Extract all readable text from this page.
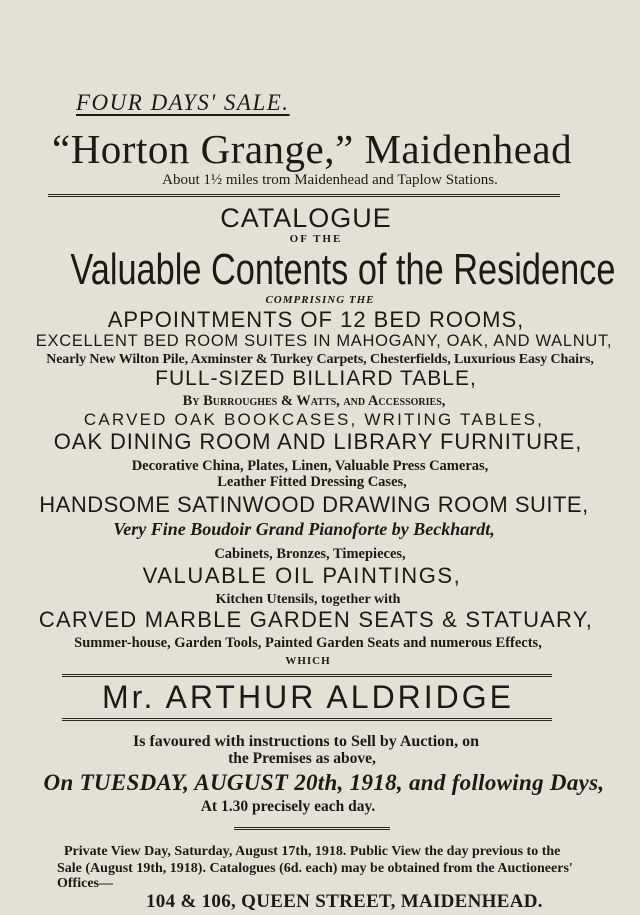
FOUR DAYS' SALE.
“Horton Grange,” Maidenhead
About 1½ miles trom Maidenhead and Taplow Stations.
CATALOGUE
OF THE
Valuable Contents of the Residence
COMPRISING THE
APPOINTMENTS OF 12 BED ROOMS,
EXCELLENT BED ROOM SUITES IN MAHOGANY, OAK, AND WALNUT,
Nearly New Wilton Pile, Axminster & Turkey Carpets, Chesterfields, Luxurious Easy Chairs,
FULL-SIZED BILLIARD TABLE,
By Burroughes & Watts, and Accessories,
CARVED OAK BOOKCASES, WRITING TABLES,
OAK DINING ROOM AND LIBRARY FURNITURE,
Decorative China, Plates, Linen, Valuable Press Cameras,
Leather Fitted Dressing Cases,
HANDSOME SATINWOOD DRAWING ROOM SUITE,
Very Fine Boudoir Grand Pianoforte by Beckhardt,
Cabinets, Bronzes, Timepieces,
VALUABLE OIL PAINTINGS,
Kitchen Utensils, together with
CARVED MARBLE GARDEN SEATS & STATUARY,
Summer-house, Garden Tools, Painted Garden Seats and numerous Effects,
WHICH
Mr. ARTHUR ALDRIDGE
Is favoured with instructions to Sell by Auction, on
the Premises as above,
On TUESDAY, AUGUST 20th, 1918, and following Days,
At 1.30 precisely each day.
Private View Day, Saturday, August 17th, 1918. Public View the day previous to the
Sale (August 19th, 1918). Catalogues (6d. each) may be obtained from the Auctioneers'
Offices—
104 & 106, QUEEN STREET, MAIDENHEAD.
